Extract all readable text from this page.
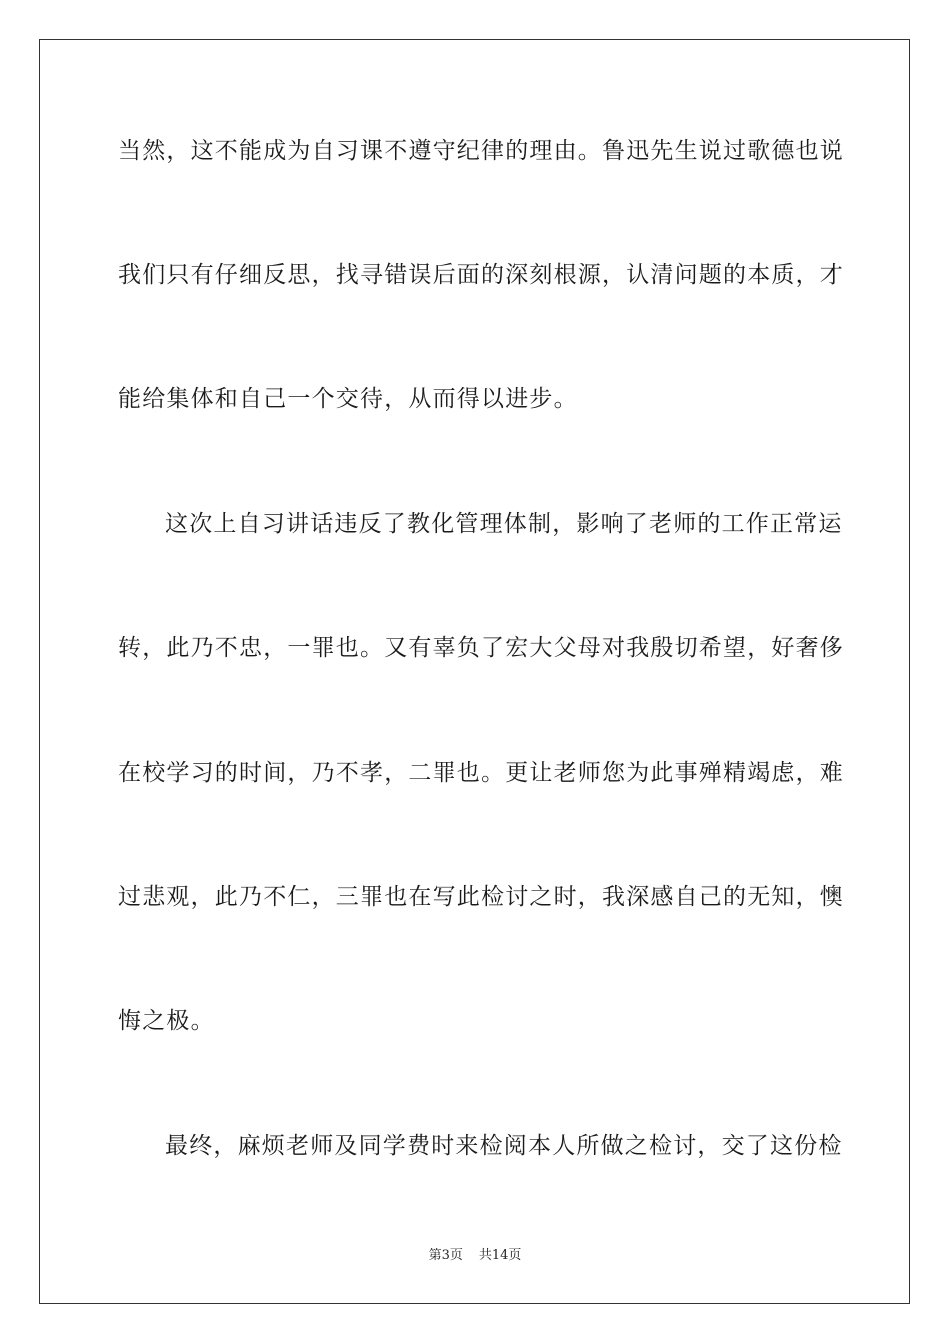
当然，这不能成为自习课不遵守纪律的理由。鲁迅先生说过歌德也说
我们只有仔细反思，找寻错误后面的深刻根源，认清问题的本质，才
能给集体和自己一个交待，从而得以进步。
这次上自习讲话违反了教化管理体制，影响了老师的工作正常运
转，此乃不忠，一罪也。又有辜负了宏大父母对我殷切希望，好奢侈
在校学习的时间，乃不孝，二罪也。更让老师您为此事殚精竭虑，难
过悲观，此乃不仁，三罪也在写此检讨之时，我深感自己的无知，懊
悔之极。
最终，麻烦老师及同学费时来检阅本人所做之检讨，交了这份检
第3页 共14页
